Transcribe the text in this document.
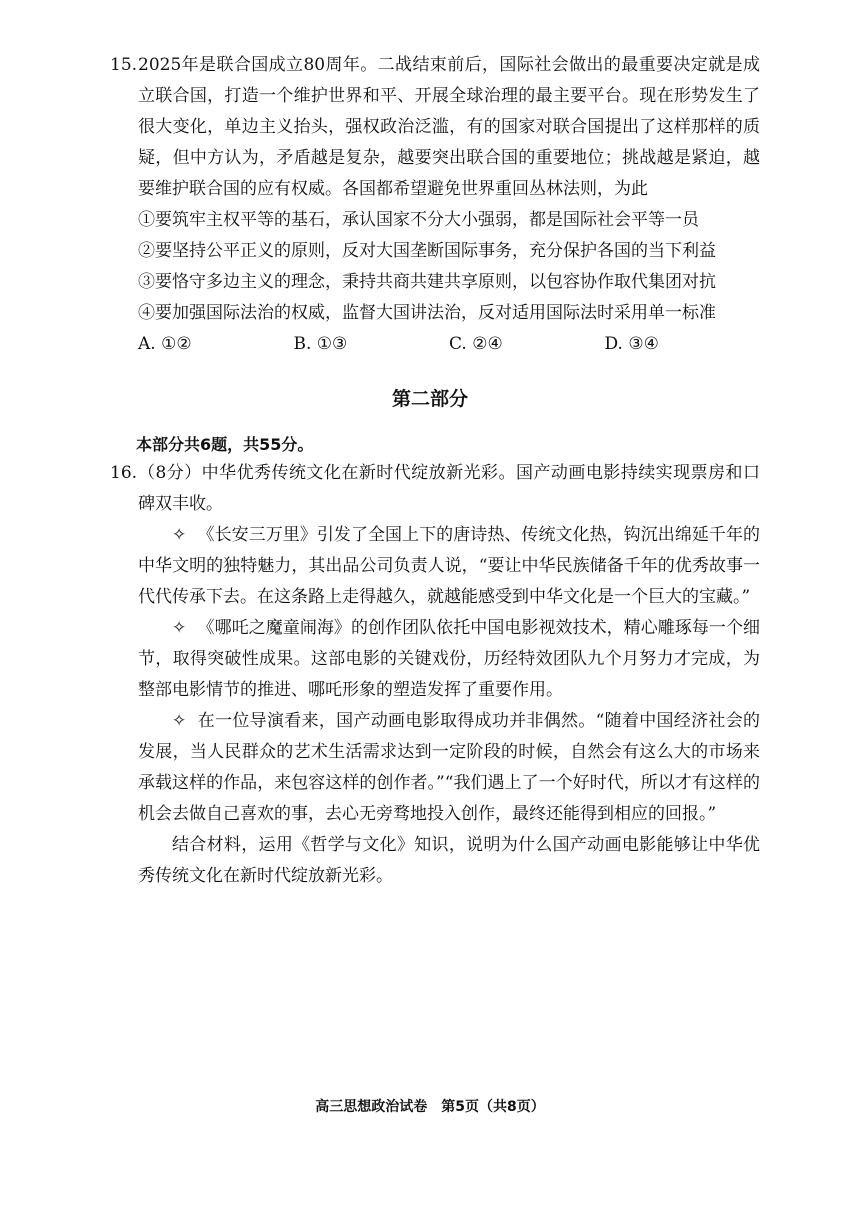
15. 2025年是联合国成立80周年。二战结束前后，国际社会做出的最重要决定就是成立联合国，打造一个维护世界和平、开展全球治理的最主要平台。现在形势发生了很大变化，单边主义抬头，强权政治泛滥，有的国家对联合国提出了这样那样的质疑，但中方认为，矛盾越是复杂，越要突出联合国的重要地位；挑战越是紧迫，越要维护联合国的应有权威。各国都希望避免世界重回丛林法则，为此
①要筑牢主权平等的基石，承认国家不分大小强弱，都是国际社会平等一员
②要坚持公平正义的原则，反对大国垄断国际事务，充分保护各国的当下利益
③要恪守多边主义的理念，秉持共商共建共享原则，以包容协作取代集团对抗
④要加强国际法治的权威，监督大国讲法治，反对适用国际法时采用单一标准
A. ①②	B. ①③	C. ②④	D. ③④
第二部分
本部分共6题，共55分。
16. （8分）中华优秀传统文化在新时代绽放新光彩。国产动画电影持续实现票房和口碑双丰收。
✧ 《长安三万里》引发了全国上下的唐诗热、传统文化热，钩沉出绵延千年的中华文明的独特魅力，其出品公司负责人说，“要让中华民族储备千年的优秀故事一代代传承下去。在这条路上走得越久，就越能感受到中华文化是一个巨大的宝藏。”
✧ 《哪吒之魔童闹海》的创作团队依托中国电影视效技术，精心雕琢每一个细节，取得突破性成果。这部电影的关键戏份，历经特效团队九个月努力才完成，为整部电影情节的推进、哪吒形象的塑造发挥了重要作用。
✧ 在一位导演看来，国产动画电影取得成功并非偶然。“随着中国经济社会的发展，当人民群众的艺术生活需求达到一定阶段的时候，自然会有这么大的市场来承载这样的作品，来包容这样的创作者。”“我们遇上了一个好时代，所以才有这样的机会去做自己喜欢的事，去心无旁骛地投入创作，最终还能得到相应的回报。”
结合材料，运用《哲学与文化》知识，说明为什么国产动画电影能够让中华优秀传统文化在新时代绽放新光彩。
高三思想政治试卷　第5页（共8页）
